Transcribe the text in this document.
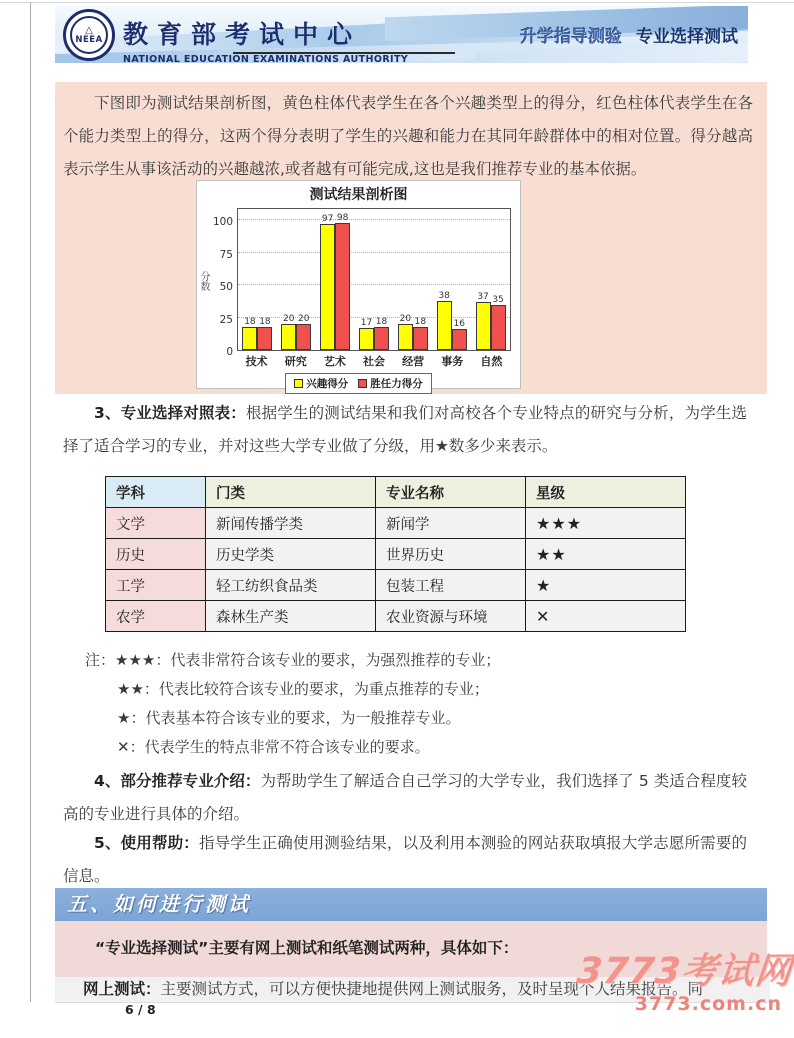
△
NEEA 教育部考试中心
NATIONAL EDUCATION EXAMINATIONS AUTHORITY
升学指导测验 专业选择测试

下图即为测试结果剖析图，黄色柱体代表学生在各个兴趣类型上的得分，红色柱体代表学生在各个能力类型上的得分，这两个得分表明了学生的兴趣和能力在其同年龄群体中的相对位置。得分越高表示学生从事该活动的兴趣越浓,或者越有可能完成,这也是我们推荐专业的基本依据。

测试结果剖析图
分数
0
25
50
75
100
18 18 20 20
97 98
17 18 20 18
38
16
37 35
技术	研究	艺术	社会	经营	事务	自然
兴趣得分 胜任力得分

3、专业选择对照表：根据学生的测试结果和我们对高校各个专业特点的研究与分析，为学生选择了适合学习的专业，并对这些大学专业做了分级，用★数多少来表示。

学科	门类	专业名称	星级
文学	新闻传播学类	新闻学	★★★
历史	历史学类	世界历史	★★
工学	轻工纺织食品类	包装工程	★
农学	森林生产类	农业资源与环境	✕
注：★★★：代表非常符合该专业的要求，为强烈推荐的专业；
★★：代表比较符合该专业的要求，为重点推荐的专业；
★：代表基本符合该专业的要求，为一般推荐专业。
✕：代表学生的特点非常不符合该专业的要求。

4、部分推荐专业介绍：为帮助学生了解适合自己学习的大学专业，我们选择了 5 类适合程度较高的专业进行具体的介绍。

5、使用帮助：指导学生正确使用测验结果，以及利用本测验的网站获取填报大学志愿所需要的信息。

五、如何进行测试

“专业选择测试”主要有网上测试和纸笔测试两种，具体如下：

网上测试：主要测试方式，可以方便快捷地提供网上测试服务，及时呈现个人结果报告。同
6 / 8
3773考试网
3773.com.cn
